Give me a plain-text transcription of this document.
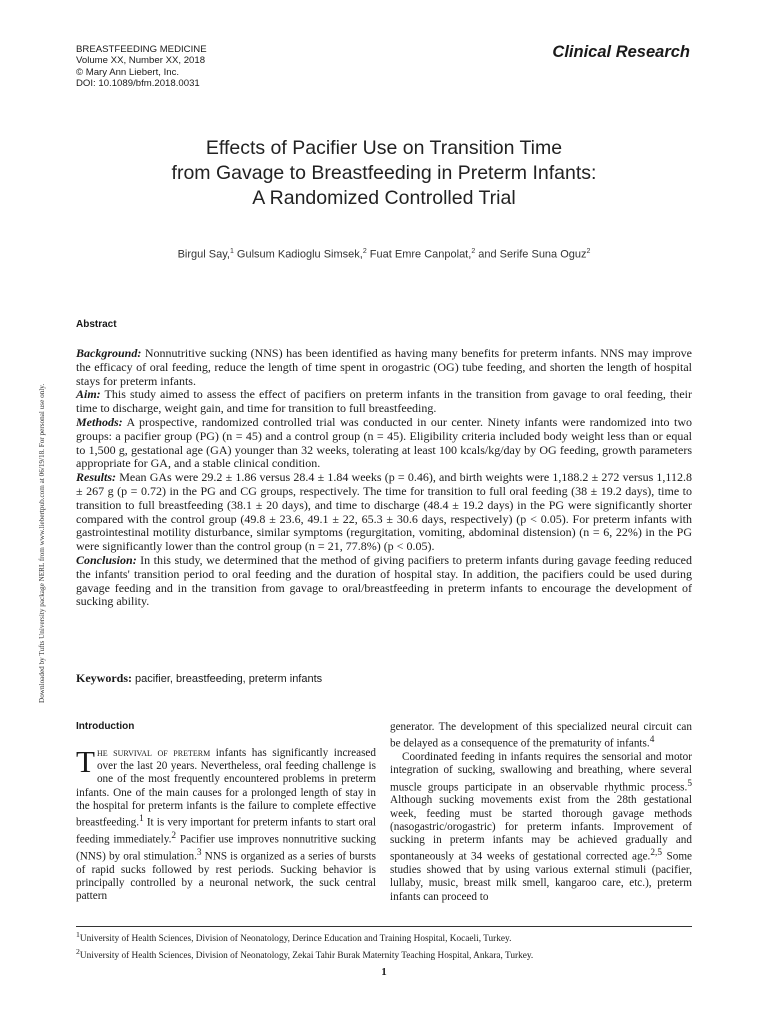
BREASTFEEDING MEDICINE
Volume XX, Number XX, 2018
© Mary Ann Liebert, Inc.
DOI: 10.1089/bfm.2018.0031
Clinical Research
Effects of Pacifier Use on Transition Time
from Gavage to Breastfeeding in Preterm Infants:
A Randomized Controlled Trial
Birgul Say,$^1$ Gulsum Kadioglu Simsek,$^2$ Fuat Emre Canpolat,$^2$ and Serife Suna Oguz$^2$
Downloaded by Tufts University package NERL from www.liebertpub.com at 06/19/18. For personal use only.
Abstract

Background: Nonnutritive sucking (NNS) has been identified as having many benefits for preterm infants. NNS may improve the efficacy of oral feeding, reduce the length of time spent in orogastric (OG) tube feeding, and shorten the length of hospital stays for preterm infants.

Aim: This study aimed to assess the effect of pacifiers on preterm infants in the transition from gavage to oral feeding, their time to discharge, weight gain, and time for transition to full breastfeeding.

Methods: A prospective, randomized controlled trial was conducted in our center. Ninety infants were randomized into two groups: a pacifier group (PG) (n = 45) and a control group (n = 45). Eligibility criteria included body weight less than or equal to 1,500 g, gestational age (GA) younger than 32 weeks, tolerating at least 100 kcals/kg/day by OG feeding, growth parameters appropriate for GA, and a stable clinical condition.

Results: Mean GAs were 29.2 ± 1.86 versus 28.4 ± 1.84 weeks (p = 0.46), and birth weights were 1,188.2 ± 272 versus 1,112.8 ± 267 g (p = 0.72) in the PG and CG groups, respectively. The time for transition to full oral feeding (38 ± 19.2 days), time to transition to full breastfeeding (38.1 ± 20 days), and time to discharge (48.4 ± 19.2 days) in the PG were significantly shorter compared with the control group (49.8 ± 23.6, 49.1 ± 22, 65.3 ± 30.6 days, respectively) (p < 0.05). For preterm infants with gastrointestinal motility disturbance, similar symptoms (regurgitation, vomiting, abdominal distension) (n = 6, 22%) in the PG were significantly lower than the control group (n = 21, 77.8%) (p < 0.05).

Conclusion: In this study, we determined that the method of giving pacifiers to preterm infants during gavage feeding reduced the infants' transition period to oral feeding and the duration of hospital stay. In addition, the pacifiers could be used during gavage feeding and in the transition from gavage to oral/breastfeeding in preterm infants to encourage the development of sucking ability.

Keywords: pacifier, breastfeeding, preterm infants
Introduction

The survival of preterm infants has significantly increased over the last 20 years. Nevertheless, oral feeding challenge is one of the most frequently encountered problems in preterm infants. One of the main causes for a prolonged length of stay in the hospital for preterm infants is the failure to complete effective breastfeeding.$^1$ It is very important for preterm infants to start oral feeding immediately.$^2$ Pacifier use improves nonnutritive sucking (NNS) by oral stimulation.$^3$ NNS is organized as a series of bursts of rapid sucks followed by rest periods. Sucking behavior is principally controlled by a neuronal network, the suck central pattern

generator. The development of this specialized neural circuit can be delayed as a consequence of the prematurity of infants.$^4$

Coordinated feeding in infants requires the sensorial and motor integration of sucking, swallowing and breathing, where several muscle groups participate in an observable rhythmic process.$^5$ Although sucking movements exist from the 28th gestational week, feeding must be started thorough gavage methods (nasogastric/orogastric) for preterm infants. Improvement of sucking in preterm infants may be achieved gradually and spontaneously at 34 weeks of gestational corrected age.$^{2,5}$ Some studies showed that by using various external stimuli (pacifier, lullaby, music, breast milk smell, kangaroo care, etc.), preterm infants can proceed to

$^1$University of Health Sciences, Division of Neonatology, Derince Education and Training Hospital, Kocaeli, Turkey.

$^2$University of Health Sciences, Division of Neonatology, Zekai Tahir Burak Maternity Teaching Hospital, Ankara, Turkey.

1
